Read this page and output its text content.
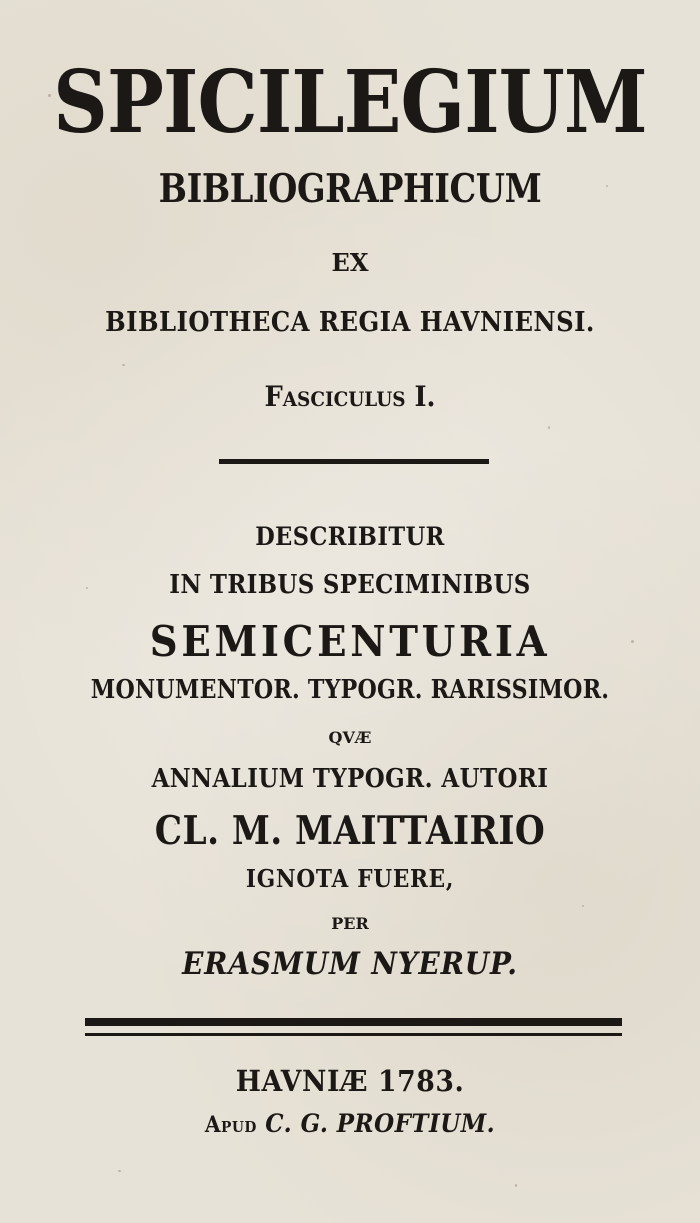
SPICILEGIUM
BIBLIOGRAPHICUM
EX
BIBLIOTHECA REGIA HAVNIENSI.
Fasciculus I.
DESCRIBITUR
IN TRIBUS SPECIMINIBUS
SEMICENTURIA
MONUMENTOR. TYPOGR. RARISSIMOR.
QVÆ
ANNALIUM TYPOGR. AUTORI
CL. M. MAITTAIRIO
IGNOTA FUERE,
PER
ERASMUM NYERUP.
HAVNIÆ 1783.
Apud C. G. PROFTIUM.
